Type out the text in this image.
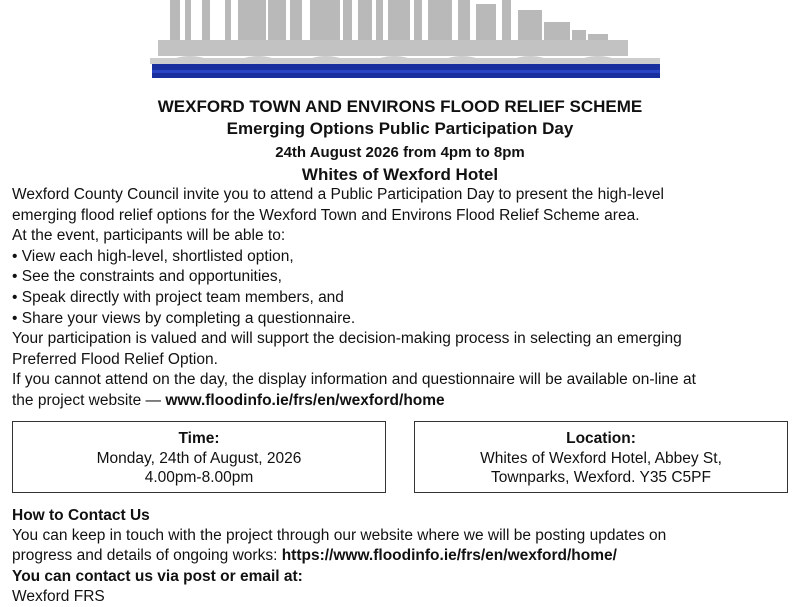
WEXFORD TOWN AND ENVIRONS FLOOD RELIEF SCHEME
Emerging Options Public Participation Day
24th August 2026 from 4pm to 8pm
Whites of Wexford Hotel
Wexford County Council invite you to attend a Public Participation Day to present the high-level
emerging flood relief options for the Wexford Town and Environs Flood Relief Scheme area.
At the event, participants will be able to:
• View each high-level, shortlisted option,
• See the constraints and opportunities,
• Speak directly with project team members, and
• Share your views by completing a questionnaire.
Your participation is valued and will support the decision-making process in selecting an emerging
Preferred Flood Relief Option.
If you cannot attend on the day, the display information and questionnaire will be available on-line at
the project website — www.floodinfo.ie/frs/en/wexford/home
Time:
Monday, 24th of August, 2026
4.00pm-8.00pm
Location:
Whites of Wexford Hotel, Abbey St,
Townparks, Wexford. Y35 C5PF
How to Contact Us
You can keep in touch with the project through our website where we will be posting updates on
progress and details of ongoing works: https://www.floodinfo.ie/frs/en/wexford/home/
You can contact us via post or email at:
Wexford FRS
